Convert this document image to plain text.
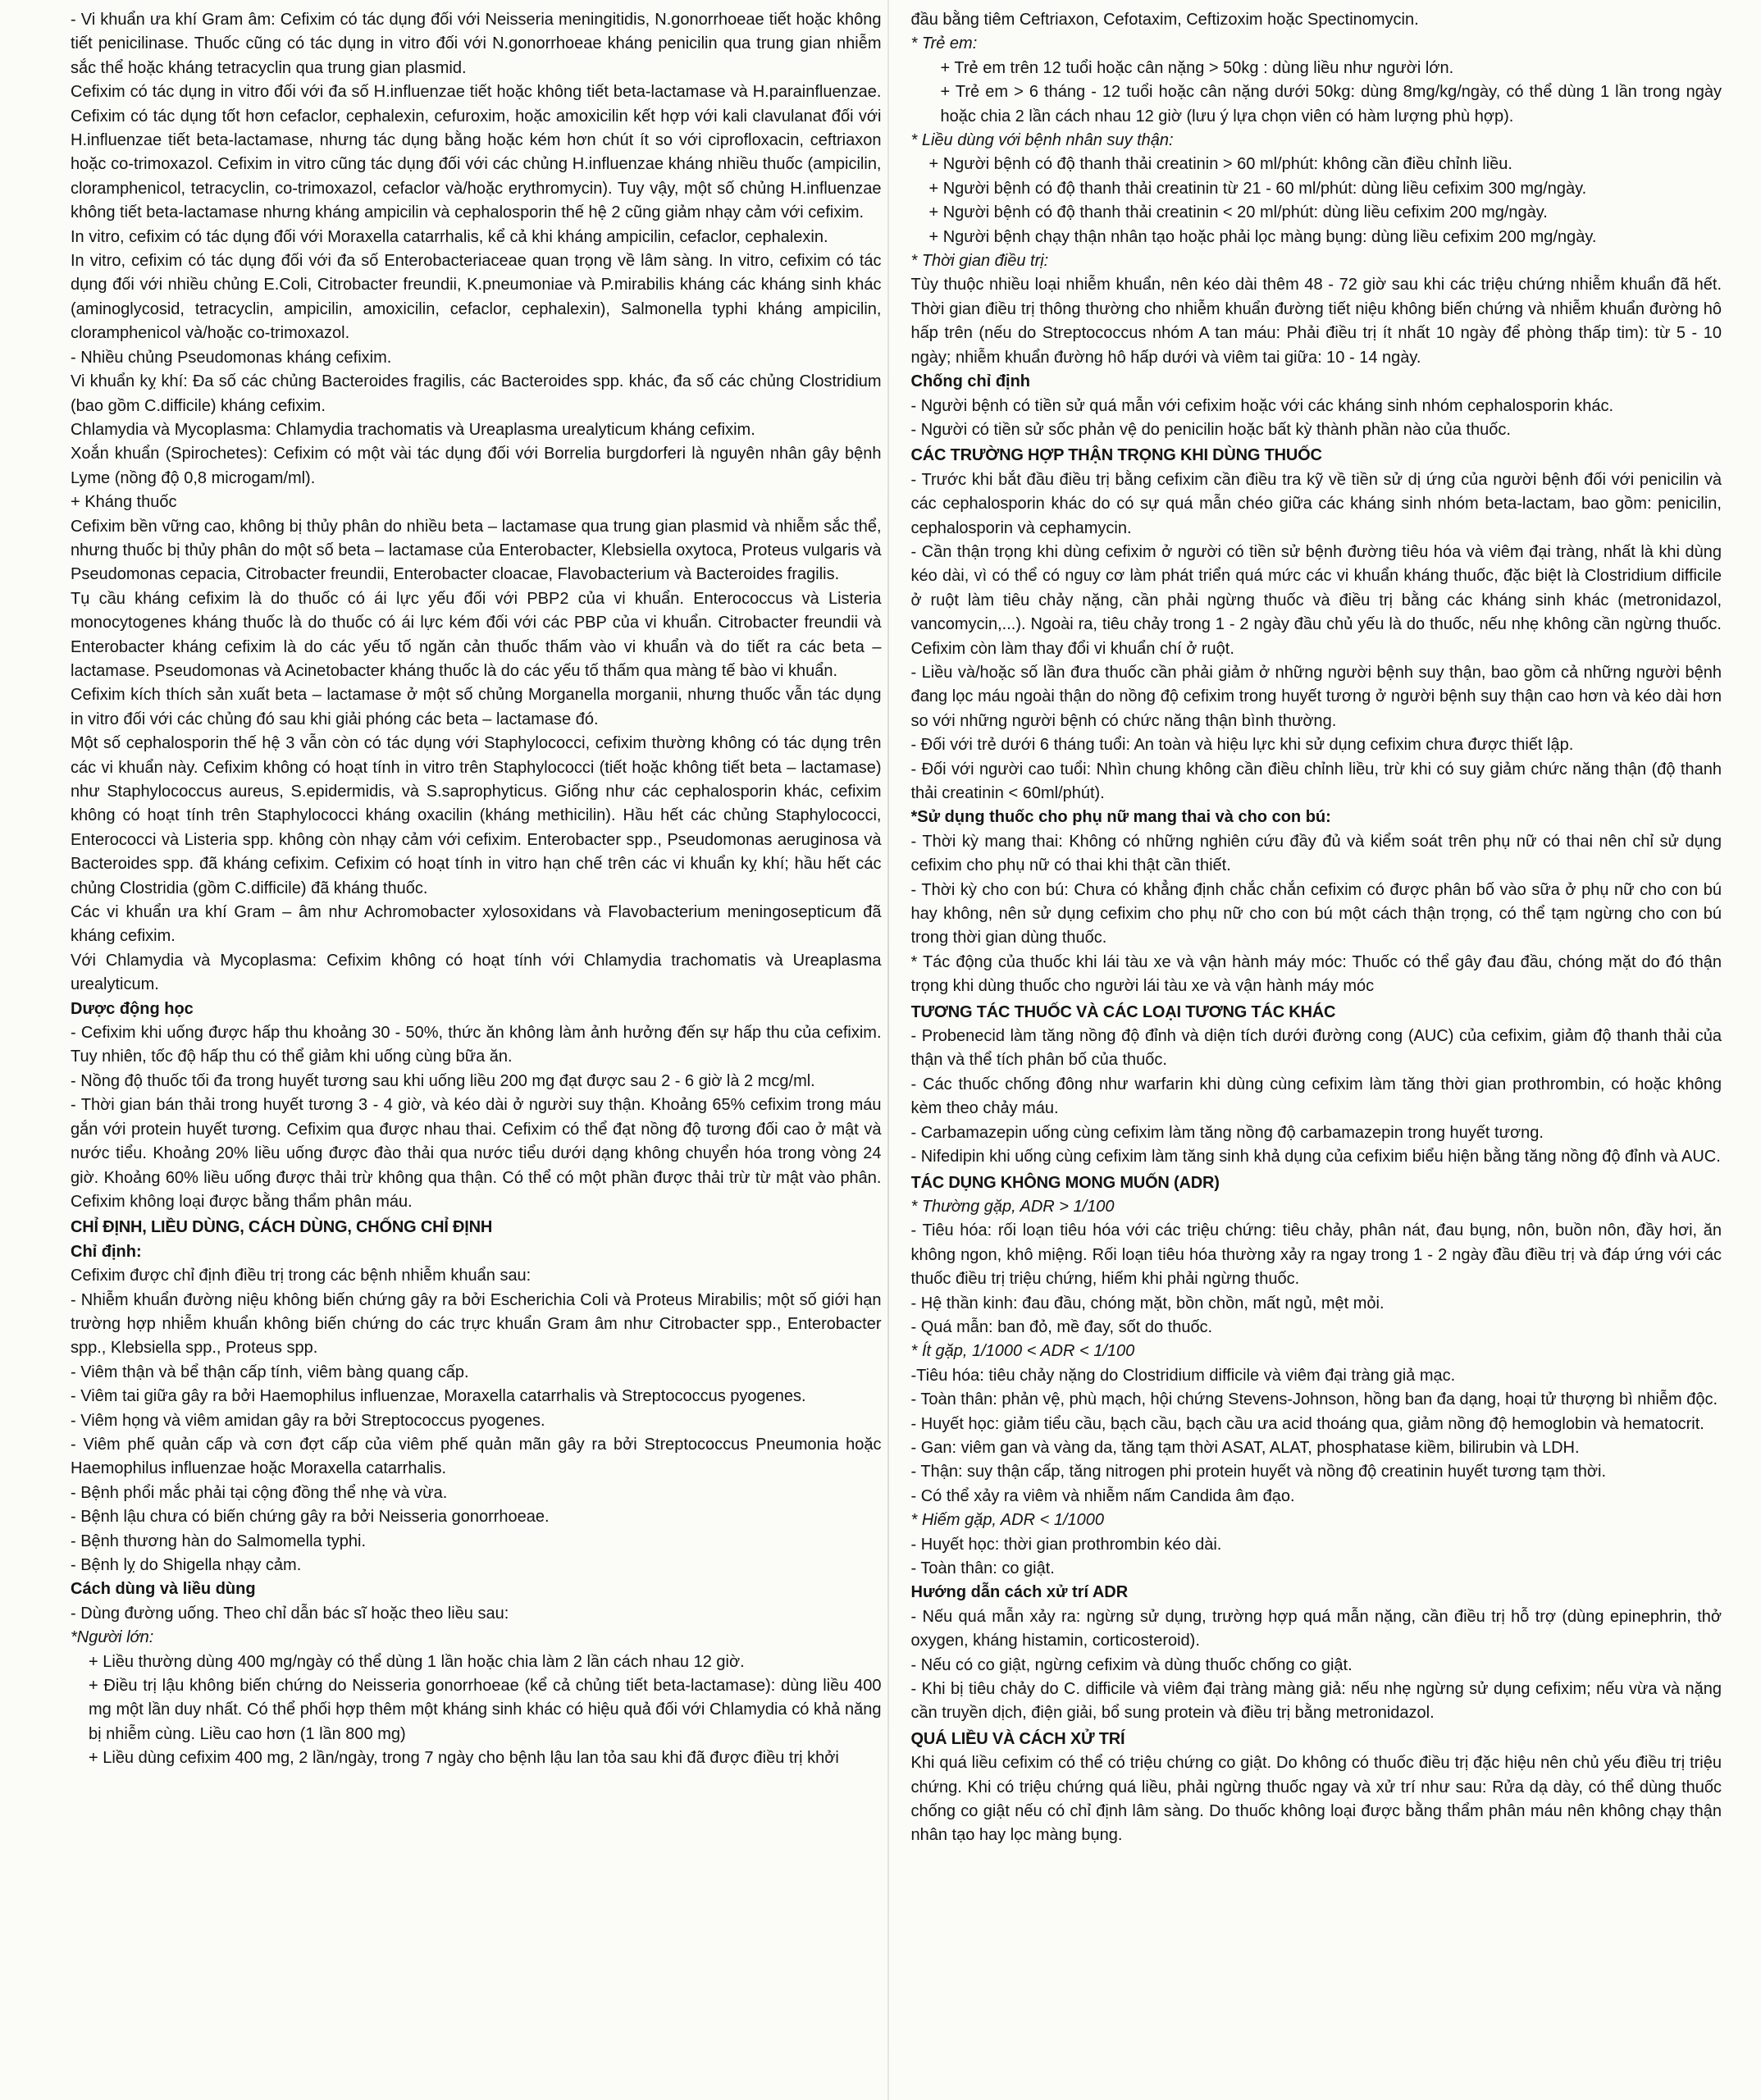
- Vi khuẩn ưa khí Gram âm: Cefixim có tác dụng đối với Neisseria meningitidis, N.gonorrhoeae tiết hoặc không tiết penicilinase. Thuốc cũng có tác dụng in vitro đối với N.gonorrhoeae kháng penicilin qua trung gian nhiễm sắc thể hoặc kháng tetracyclin qua trung gian plasmid.

Cefixim có tác dụng in vitro đối với đa số H.influenzae tiết hoặc không tiết beta-lactamase và H.parainfluenzae. Cefixim có tác dụng tốt hơn cefaclor, cephalexin, cefuroxim, hoặc amoxicilin kết hợp với kali clavulanat đối với H.influenzae tiết beta-lactamase, nhưng tác dụng bằng hoặc kém hơn chút ít so với ciprofloxacin, ceftriaxon hoặc co-trimoxazol. Cefixim in vitro cũng tác dụng đối với các chủng H.influenzae kháng nhiều thuốc (ampicilin, cloramphenicol, tetracyclin, co-trimoxazol, cefaclor và/hoặc erythromycin). Tuy vậy, một số chủng H.influenzae không tiết beta-lactamase nhưng kháng ampicilin và cephalosporin thế hệ 2 cũng giảm nhạy cảm với cefixim.

In vitro, cefixim có tác dụng đối với Moraxella catarrhalis, kể cả khi kháng ampicilin, cefaclor, cephalexin.

In vitro, cefixim có tác dụng đối với đa số Enterobacteriaceae quan trọng về lâm sàng. In vitro, cefixim có tác dụng đối với nhiều chủng E.Coli, Citrobacter freundii, K.pneumoniae và P.mirabilis kháng các kháng sinh khác (aminoglycosid, tetracyclin, ampicilin, amoxicilin, cefaclor, cephalexin), Salmonella typhi kháng ampicilin, cloramphenicol và/hoặc co-trimoxazol.

- Nhiều chủng Pseudomonas kháng cefixim.

Vi khuẩn kỵ khí: Đa số các chủng Bacteroides fragilis, các Bacteroides spp. khác, đa số các chủng Clostridium (bao gồm C.difficile) kháng cefixim.

Chlamydia và Mycoplasma: Chlamydia trachomatis và Ureaplasma urealyticum kháng cefixim.

Xoắn khuẩn (Spirochetes): Cefixim có một vài tác dụng đối với Borrelia burgdorferi là nguyên nhân gây bệnh Lyme (nồng độ 0,8 microgam/ml).

+ Kháng thuốc

Cefixim bền vững cao, không bị thủy phân do nhiều beta – lactamase qua trung gian plasmid và nhiễm sắc thể, nhưng thuốc bị thủy phân do một số beta – lactamase của Enterobacter, Klebsiella oxytoca, Proteus vulgaris và Pseudomonas cepacia, Citrobacter freundii, Enterobacter cloacae, Flavobacterium và Bacteroides fragilis.

Tụ cầu kháng cefixim là do thuốc có ái lực yếu đối với PBP2 của vi khuẩn. Enterococcus và Listeria monocytogenes kháng thuốc là do thuốc có ái lực kém đối với các PBP của vi khuẩn. Citrobacter freundii và Enterobacter kháng cefixim là do các yếu tố ngăn cản thuốc thấm vào vi khuẩn và do tiết ra các beta – lactamase. Pseudomonas và Acinetobacter kháng thuốc là do các yếu tố thấm qua màng tế bào vi khuẩn.

Cefixim kích thích sản xuất beta – lactamase ở một số chủng Morganella morganii, nhưng thuốc vẫn tác dụng in vitro đối với các chủng đó sau khi giải phóng các beta – lactamase đó.

Một số cephalosporin thế hệ 3 vẫn còn có tác dụng với Staphylococci, cefixim thường không có tác dụng trên các vi khuẩn này. Cefixim không có hoạt tính in vitro trên Staphylococci (tiết hoặc không tiết beta – lactamase) như Staphylococcus aureus, S.epidermidis, và S.saprophyticus. Giống như các cephalosporin khác, cefixim không có hoạt tính trên Staphylococci kháng oxacilin (kháng methicilin). Hầu hết các chủng Staphylococci, Enterococci và Listeria spp. không còn nhạy cảm với cefixim. Enterobacter spp., Pseudomonas aeruginosa và Bacteroides spp. đã kháng cefixim. Cefixim có hoạt tính in vitro hạn chế trên các vi khuẩn kỵ khí; hầu hết các chủng Clostridia (gồm C.difficile) đã kháng thuốc.

Các vi khuẩn ưa khí Gram – âm như Achromobacter xylosoxidans và Flavobacterium meningosepticum đã kháng cefixim.

Với Chlamydia và Mycoplasma: Cefixim không có hoạt tính với Chlamydia trachomatis và Ureaplasma urealyticum.

Dược động học

- Cefixim khi uống được hấp thu khoảng 30 - 50%, thức ăn không làm ảnh hưởng đến sự hấp thu của cefixim. Tuy nhiên, tốc độ hấp thu có thể giảm khi uống cùng bữa ăn.

- Nồng độ thuốc tối đa trong huyết tương sau khi uống liều 200 mg đạt được sau 2 - 6 giờ là 2 mcg/ml.

- Thời gian bán thải trong huyết tương 3 - 4 giờ, và kéo dài ở người suy thận. Khoảng 65% cefixim trong máu gắn với protein huyết tương. Cefixim qua được nhau thai. Cefixim có thể đạt nồng độ tương đối cao ở mật và nước tiểu. Khoảng 20% liều uống được đào thải qua nước tiểu dưới dạng không chuyển hóa trong vòng 24 giờ. Khoảng 60% liều uống được thải trừ không qua thận. Có thể có một phần được thải trừ từ mật vào phân. Cefixim không loại được bằng thẩm phân máu.

CHỈ ĐỊNH, LIỀU DÙNG, CÁCH DÙNG, CHỐNG CHỈ ĐỊNH

Chỉ định:

Cefixim được chỉ định điều trị trong các bệnh nhiễm khuẩn sau:

- Nhiễm khuẩn đường niệu không biến chứng gây ra bởi Escherichia Coli và Proteus Mirabilis; một số giới hạn trường hợp nhiễm khuẩn không biến chứng do các trực khuẩn Gram âm như Citrobacter spp., Enterobacter spp., Klebsiella spp., Proteus spp.

- Viêm thận và bể thận cấp tính, viêm bàng quang cấp.

- Viêm tai giữa gây ra bởi Haemophilus influenzae, Moraxella catarrhalis và Streptococcus pyogenes.

- Viêm họng và viêm amidan gây ra bởi Streptococcus pyogenes.

- Viêm phế quản cấp và cơn đợt cấp của viêm phế quản mãn gây ra bởi Streptococcus Pneumonia hoặc Haemophilus influenzae hoặc Moraxella catarrhalis.

- Bệnh phổi mắc phải tại cộng đồng thể nhẹ và vừa.

- Bệnh lậu chưa có biến chứng gây ra bởi Neisseria gonorrhoeae.

- Bệnh thương hàn do Salmomella typhi.

- Bệnh lỵ do Shigella nhạy cảm.

Cách dùng và liều dùng

- Dùng đường uống. Theo chỉ dẫn bác sĩ hoặc theo liều sau:

*Người lớn:

+ Liều thường dùng 400 mg/ngày có thể dùng 1 lần hoặc chia làm 2 lần cách nhau 12 giờ.

+ Điều trị lậu không biến chứng do Neisseria gonorrhoeae (kể cả chủng tiết beta-lactamase): dùng liều 400 mg một lần duy nhất. Có thể phối hợp thêm một kháng sinh khác có hiệu quả đối với Chlamydia có khả năng bị nhiễm cùng. Liều cao hơn (1 lần 800 mg)

+ Liều dùng cefixim 400 mg, 2 lần/ngày, trong 7 ngày cho bệnh lậu lan tỏa sau khi đã được điều trị khởi

đầu bằng tiêm Ceftriaxon, Cefotaxim, Ceftizoxim hoặc Spectinomycin.

* Trẻ em:

+ Trẻ em trên 12 tuổi hoặc cân nặng > 50kg : dùng liều như người lớn.

+ Trẻ em > 6 tháng - 12 tuổi hoặc cân nặng dưới 50kg: dùng 8mg/kg/ngày, có thể dùng 1 lần trong ngày hoặc chia 2 lần cách nhau 12 giờ (lưu ý lựa chọn viên có hàm lượng phù hợp).

* Liều dùng với bệnh nhân suy thận:

+ Người bệnh có độ thanh thải creatinin > 60 ml/phút: không cần điều chỉnh liều.

+ Người bệnh có độ thanh thải creatinin từ 21 - 60 ml/phút: dùng liều cefixim 300 mg/ngày.

+ Người bệnh có độ thanh thải creatinin < 20 ml/phút: dùng liều cefixim 200 mg/ngày.

+ Người bệnh chạy thận nhân tạo hoặc phải lọc màng bụng: dùng liều cefixim 200 mg/ngày.

* Thời gian điều trị:

Tùy thuộc nhiều loại nhiễm khuẩn, nên kéo dài thêm 48 - 72 giờ sau khi các triệu chứng nhiễm khuẩn đã hết. Thời gian điều trị thông thường cho nhiễm khuẩn đường tiết niệu không biến chứng và nhiễm khuẩn đường hô hấp trên (nếu do Streptococcus nhóm A tan máu: Phải điều trị ít nhất 10 ngày để phòng thấp tim): từ 5 - 10 ngày; nhiễm khuẩn đường hô hấp dưới và viêm tai giữa: 10 - 14 ngày.

Chống chỉ định

- Người bệnh có tiền sử quá mẫn với cefixim hoặc với các kháng sinh nhóm cephalosporin khác.

- Người có tiền sử sốc phản vệ do penicilin hoặc bất kỳ thành phần nào của thuốc.

CÁC TRƯỜNG HỢP THẬN TRỌNG KHI DÙNG THUỐC

- Trước khi bắt đầu điều trị bằng cefixim cần điều tra kỹ về tiền sử dị ứng của người bệnh đối với penicilin và các cephalosporin khác do có sự quá mẫn chéo giữa các kháng sinh nhóm beta-lactam, bao gồm: penicilin, cephalosporin và cephamycin.

- Cần thận trọng khi dùng cefixim ở người có tiền sử bệnh đường tiêu hóa và viêm đại tràng, nhất là khi dùng kéo dài, vì có thể có nguy cơ làm phát triển quá mức các vi khuẩn kháng thuốc, đặc biệt là Clostridium difficile ở ruột làm tiêu chảy nặng, cần phải ngừng thuốc và điều trị bằng các kháng sinh khác (metronidazol, vancomycin,...). Ngoài ra, tiêu chảy trong 1 - 2 ngày đầu chủ yếu là do thuốc, nếu nhẹ không cần ngừng thuốc. Cefixim còn làm thay đổi vi khuẩn chí ở ruột.

- Liều và/hoặc số lần đưa thuốc cần phải giảm ở những người bệnh suy thận, bao gồm cả những người bệnh đang lọc máu ngoài thận do nồng độ cefixim trong huyết tương ở người bệnh suy thận cao hơn và kéo dài hơn so với những người bệnh có chức năng thận bình thường.

- Đối với trẻ dưới 6 tháng tuổi: An toàn và hiệu lực khi sử dụng cefixim chưa được thiết lập.

- Đối với người cao tuổi: Nhìn chung không cần điều chỉnh liều, trừ khi có suy giảm chức năng thận (độ thanh thải creatinin < 60ml/phút).

*Sử dụng thuốc cho phụ nữ mang thai và cho con bú:

- Thời kỳ mang thai: Không có những nghiên cứu đầy đủ và kiểm soát trên phụ nữ có thai nên chỉ sử dụng cefixim cho phụ nữ có thai khi thật cần thiết.

- Thời kỳ cho con bú: Chưa có khẳng định chắc chắn cefixim có được phân bố vào sữa ở phụ nữ cho con bú hay không, nên sử dụng cefixim cho phụ nữ cho con bú một cách thận trọng, có thể tạm ngừng cho con bú trong thời gian dùng thuốc.

* Tác động của thuốc khi lái tàu xe và vận hành máy móc: Thuốc có thể gây đau đầu, chóng mặt do đó thận trọng khi dùng thuốc cho người lái tàu xe và vận hành máy móc

TƯƠNG TÁC THUỐC VÀ CÁC LOẠI TƯƠNG TÁC KHÁC

- Probenecid làm tăng nồng độ đỉnh và diện tích dưới đường cong (AUC) của cefixim, giảm độ thanh thải của thận và thể tích phân bố của thuốc.

- Các thuốc chống đông như warfarin khi dùng cùng cefixim làm tăng thời gian prothrombin, có hoặc không kèm theo chảy máu.

- Carbamazepin uống cùng cefixim làm tăng nồng độ carbamazepin trong huyết tương.

- Nifedipin khi uống cùng cefixim làm tăng sinh khả dụng của cefixim biểu hiện bằng tăng nồng độ đỉnh và AUC.

TÁC DỤNG KHÔNG MONG MUỐN (ADR)

* Thường gặp, ADR > 1/100

- Tiêu hóa: rối loạn tiêu hóa với các triệu chứng: tiêu chảy, phân nát, đau bụng, nôn, buồn nôn, đầy hơi, ăn không ngon, khô miệng. Rối loạn tiêu hóa thường xảy ra ngay trong 1 - 2 ngày đầu điều trị và đáp ứng với các thuốc điều trị triệu chứng, hiếm khi phải ngừng thuốc.

- Hệ thần kinh: đau đầu, chóng mặt, bồn chồn, mất ngủ, mệt mỏi.

- Quá mẫn: ban đỏ, mề đay, sốt do thuốc.

* Ít gặp, 1/1000 < ADR < 1/100

-Tiêu hóa: tiêu chảy nặng do Clostridium difficile và viêm đại tràng giả mạc.

- Toàn thân: phản vệ, phù mạch, hội chứng Stevens-Johnson, hồng ban đa dạng, hoại tử thượng bì nhiễm độc.

- Huyết học: giảm tiểu cầu, bạch cầu, bạch cầu ưa acid thoáng qua, giảm nồng độ hemoglobin và hematocrit.

- Gan: viêm gan và vàng da, tăng tạm thời ASAT, ALAT, phosphatase kiềm, bilirubin và LDH.

- Thận: suy thận cấp, tăng nitrogen phi protein huyết và nồng độ creatinin huyết tương tạm thời.

- Có thể xảy ra viêm và nhiễm nấm Candida âm đạo.

* Hiếm gặp, ADR < 1/1000

- Huyết học: thời gian prothrombin kéo dài.

- Toàn thân: co giật.

Hướng dẫn cách xử trí ADR

- Nếu quá mẫn xảy ra: ngừng sử dụng, trường hợp quá mẫn nặng, cần điều trị hỗ trợ (dùng epinephrin, thở oxygen, kháng histamin, corticosteroid).

- Nếu có co giật, ngừng cefixim và dùng thuốc chống co giật.

- Khi bị tiêu chảy do C. difficile và viêm đại tràng màng giả: nếu nhẹ ngừng sử dụng cefixim; nếu vừa và nặng cần truyền dịch, điện giải, bổ sung protein và điều trị bằng metronidazol.

QUÁ LIỀU VÀ CÁCH XỬ TRÍ

Khi quá liều cefixim có thể có triệu chứng co giật. Do không có thuốc điều trị đặc hiệu nên chủ yếu điều trị triệu chứng. Khi có triệu chứng quá liều, phải ngừng thuốc ngay và xử trí như sau: Rửa dạ dày, có thể dùng thuốc chống co giật nếu có chỉ định lâm sàng. Do thuốc không loại được bằng thẩm phân máu nên không chạy thận nhân tạo hay lọc màng bụng.
